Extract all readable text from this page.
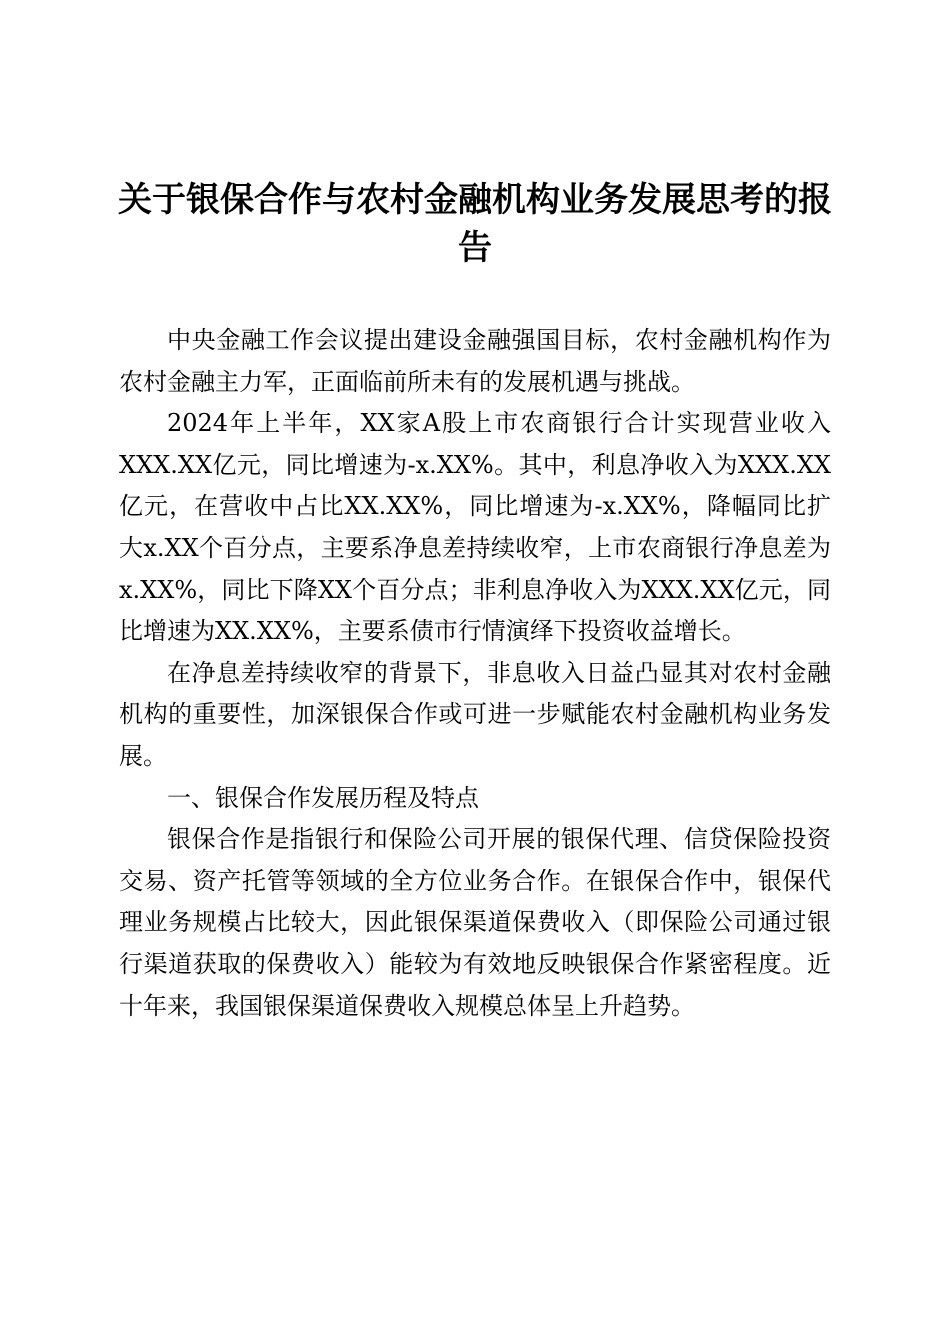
关于银保合作与农村金融机构业务发展思考的报告

中央金融工作会议提出建设金融强国目标，农村金融机构作为农村金融主力军，正面临前所未有的发展机遇与挑战。

2024年上半年，XX家A股上市农商银行合计实现营业收入XXX.XX亿元，同比增速为-x.XX%。其中，利息净收入为XXX.XX亿元，在营收中占比XX.XX%，同比增速为-x.XX%，降幅同比扩大x.XX个百分点，主要系净息差持续收窄，上市农商银行净息差为x.XX%，同比下降XX个百分点；非利息净收入为XXX.XX亿元，同比增速为XX.XX%，主要系债市行情演绎下投资收益增长。

在净息差持续收窄的背景下，非息收入日益凸显其对农村金融机构的重要性，加深银保合作或可进一步赋能农村金融机构业务发展。

一、银保合作发展历程及特点

银保合作是指银行和保险公司开展的银保代理、信贷保险投资交易、资产托管等领域的全方位业务合作。在银保合作中，银保代理业务规模占比较大，因此银保渠道保费收入（即保险公司通过银行渠道获取的保费收入）能较为有效地反映银保合作紧密程度。近十年来，我国银保渠道保费收入规模总体呈上升趋势。
